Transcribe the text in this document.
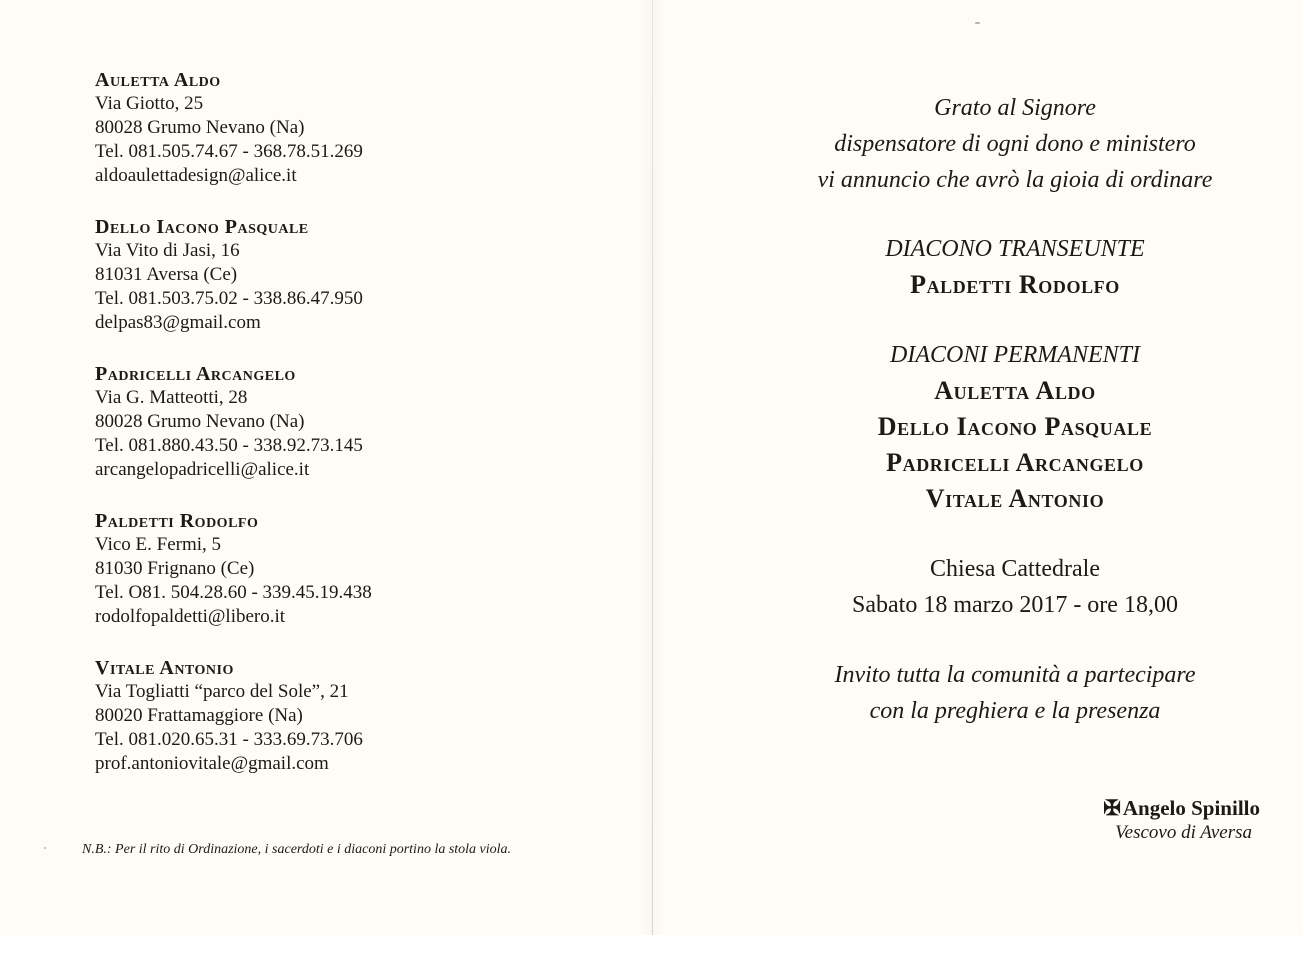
Auletta Aldo
Via Giotto, 25
80028 Grumo Nevano (Na)
Tel. 081.505.74.67 - 368.78.51.269
aldoaulettadesign@alice.it
Dello Iacono Pasquale
Via Vito di Jasi, 16
81031 Aversa (Ce)
Tel. 081.503.75.02 - 338.86.47.950
delpas83@gmail.com
Padricelli Arcangelo
Via G. Matteotti, 28
80028 Grumo Nevano (Na)
Tel. 081.880.43.50 - 338.92.73.145
arcangelopadricelli@alice.it
Paldetti Rodolfo
Vico E. Fermi, 5
81030 Frignano (Ce)
Tel. O81. 504.28.60 - 339.45.19.438
rodolfopaldetti@libero.it
Vitale Antonio
Via Togliatti “parco del Sole”, 21
80020 Frattamaggiore (Na)
Tel. 081.020.65.31 - 333.69.73.706
prof.antoniovitale@gmail.com
N.B.: Per il rito di Ordinazione, i sacerdoti e i diaconi portino la stola viola.
Grato al Signore
dispensatore di ogni dono e ministero
vi annuncio che avrò la gioia di ordinare
DIACONO TRANSEUNTE
Paldetti Rodolfo
DIACONI PERMANENTI
Auletta Aldo
Dello Iacono Pasquale
Padricelli Arcangelo
Vitale Antonio
Chiesa Cattedrale
Sabato 18 marzo 2017 - ore 18,00
Invito tutta la comunità a partecipare
con la preghiera e la presenza
✠Angelo Spinillo
Vescovo di Aversa
